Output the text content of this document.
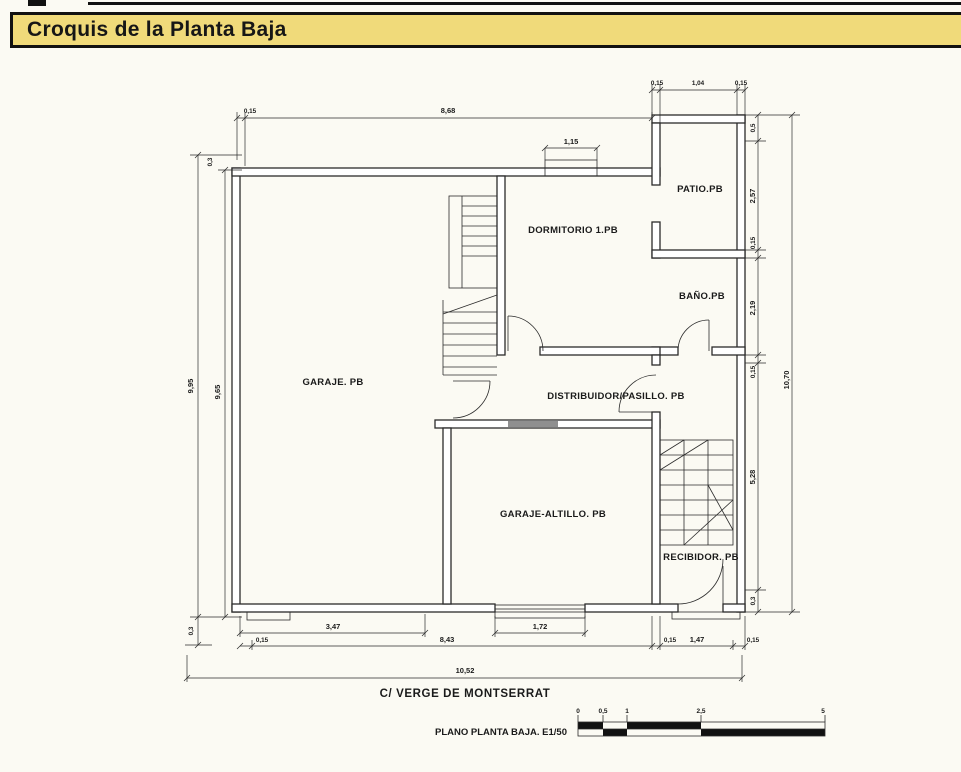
Croquis de la Planta Baja
GARAJE. PB
DORMITORIO 1.PB
PATIO.PB
BAÑO.PB
DISTRIBUIDOR/PASILLO. PB
GARAJE-ALTILLO. PB
RECIBIDOR. PB
0,15	8,68
1,15
0,15	1,04	0,15
9,95 9,65
0,3
0,3
0,5
2,57
0,15
2,19
0,15
5,28
0,3
10,70
3,47	1,72
0,15	8,43	0,15 1,47	0,15
10,52
C/ VERGE DE MONTSERRAT
PLANO PLANTA BAJA. E1/50
0	0,5	1	2,5	5
